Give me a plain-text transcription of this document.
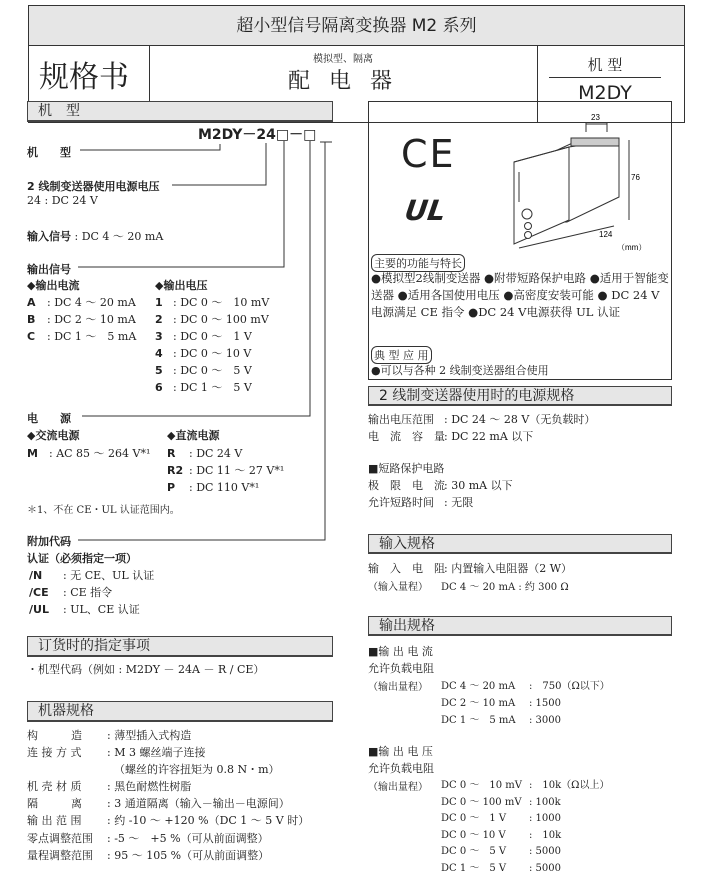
超小型信号隔离变换器 M2 系列
规格书
模拟型、隔离
配 电 器
机 型
M2DY
机　型
M2DY－24□－□
机　　型
2 线制变送器使用电源电压
24 : DC 24 V
输入信号 : DC 4 ～ 20 mA
输出信号
◆输出电流	◆输出电压
A : DC 4 ～ 20 mA
B : DC 2 ～ 10 mA
C : DC 1 ～　5 mA
1 : DC 0 ～　10 mV
2 : DC 0 ～ 100 mV
3 : DC 0 ～　1 V
4 : DC 0 ～ 10 V
5 : DC 0 ～　5 V
6 : DC 1 ～　5 V
电　　源
◆交流电源	◆直流电源
M : AC 85 ～ 264 V*¹ R : DC 24 V
R2 : DC 11 ～ 27 V*¹
P : DC 110 V*¹
＊1、不在 CE・UL 认证范围内。
附加代码
认证（必须指定一项）
/N : 无 CE、UL 认证
/CE : CE 指令
/UL : UL、CE 认证
订货时的指定事项
・机型代码（例如 : M2DY － 24A － R / CE）
机器规格
构　　　造 : 薄型插入式构造
连 接 方 式 : M 3 螺丝端子连接
（螺丝的许容扭矩为 0.8 N・m）
机 壳 材 质 : 黑色耐燃性树脂
隔　　　离 : 3 通道隔离（输入－输出－电源间）
输 出 范 围 : 约 -10 ～ +120 %（DC 1 ～ 5 V 时）
零点调整范围 : -5 ～　+5 %（可从前面调整）
量程调整范围 : 95 ～ 105 %（可从前面调整）
CE
UL
23
76
124
（mm）
主要的功能与特长
●模拟型2线制变送器 ●附带短路保护电路 ●适用于智能变送器 ●适用各国使用电压 ●高密度安装可能 ● DC 24 V电源满足 CE 指令 ●DC 24 V电源获得 UL 认证
典 型 应 用
●可以与各种 2 线制变送器组合使用
2 线制变送器使用时的电源规格
输出电压范围 : DC 24 ～ 28 V（无负载时）
电　流　容　量: DC 22 mA 以下
■短路保护电路
极　限　电　流: 30 mA 以下
允许短路时间 : 无限
输入规格
输　入　电　阻: 内置输入电阻器（2 W）
（输入量程） DC 4 ～ 20 mA : 约 300 Ω
输出规格
■输 出 电 流
允许负载电阻
（输出量程） DC 4 ～ 20 mA :　750（Ω以下）
DC 2 ～ 10 mA : 1500
DC 1 ～　5 mA : 3000
■输 出 电 压
允许负载电阻
（输出量程） DC 0 ～　10 mV :　10k（Ω以上）
DC 0 ～ 100 mV : 100k
DC 0 ～　1 V : 1000
DC 0 ～ 10 V :　10k
DC 0 ～　5 V : 5000
DC 1 ～　5 V : 5000
